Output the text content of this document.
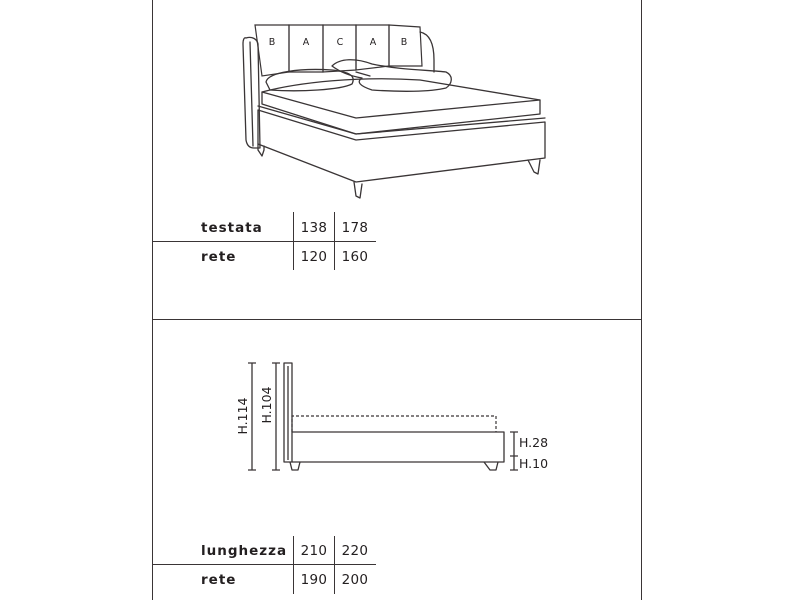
B	A	C	A	B
H.114 H.104
H.28
H.10
testata	138	178
rete	120	160
lunghezza	210	220
rete	190	200
